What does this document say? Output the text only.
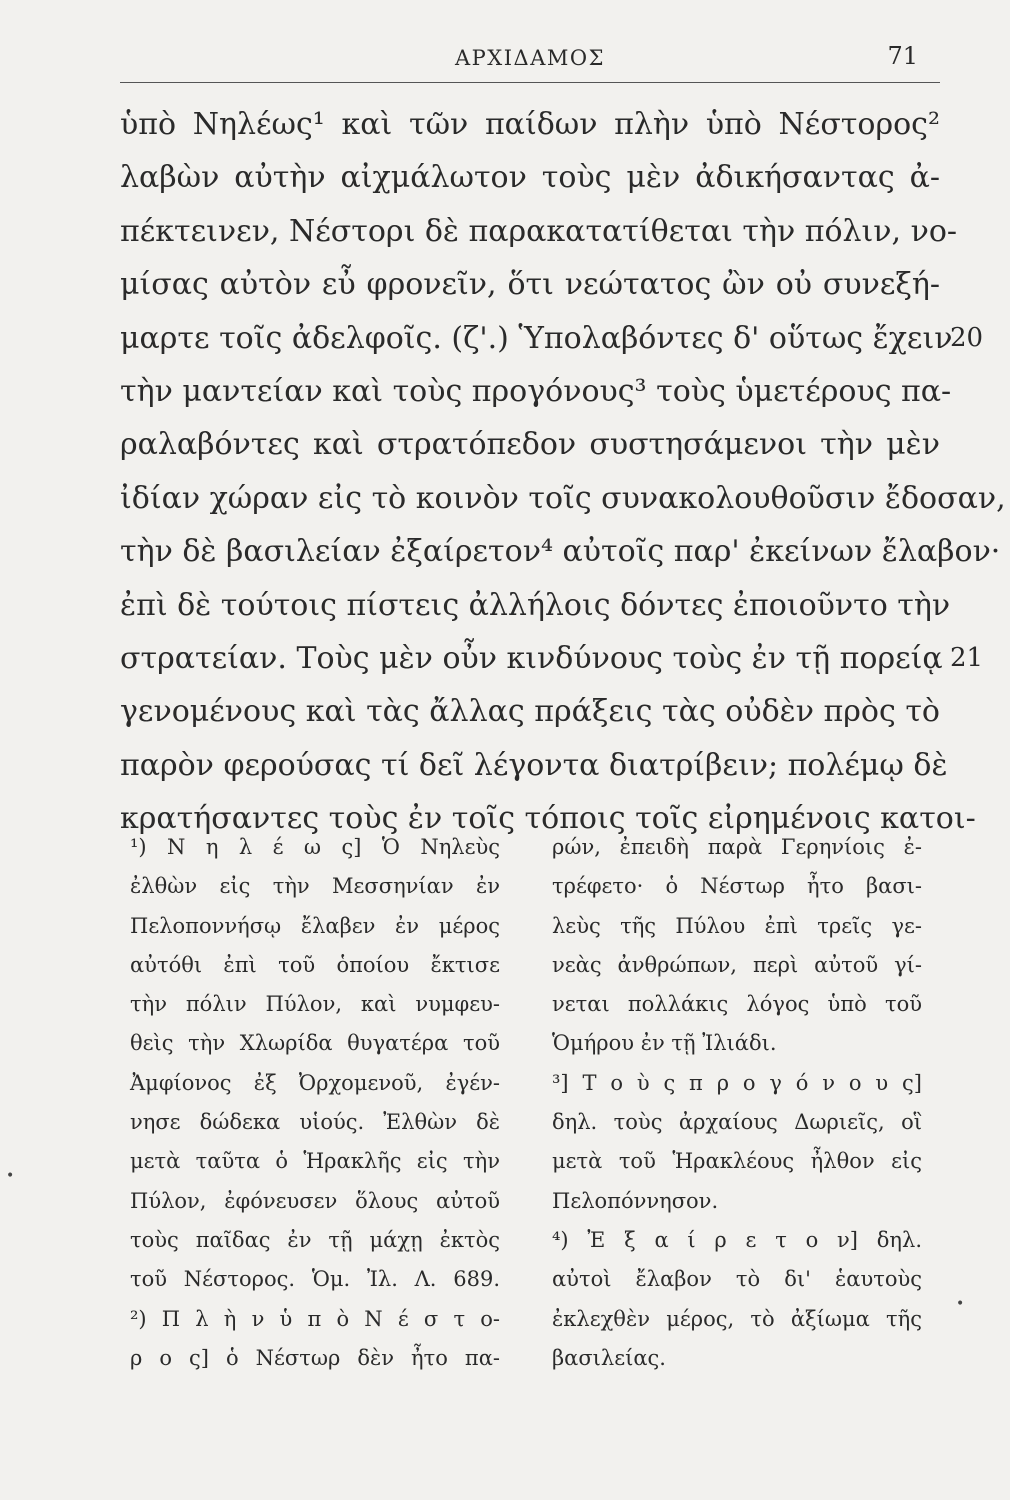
ΑΡΧΙΔΑΜΟΣ	71
ὑπὸ Νηλέως¹ καὶ τῶν παίδων πλὴν ὑπὸ Νέστορος²
λαβὼν αὐτὴν αἰχμάλωτον τοὺς μὲν ἀδικήσαντας ἀ-
πέκτεινεν, Νέστορι δὲ παρακατατίθεται τὴν πόλιν, νο-
μίσας αὐτὸν εὖ φρονεῖν, ὅτι νεώτατος ὢν οὐ συνεξή-
μαρτε τοῖς ἀδελφοῖς. (ζ'.) Ὑπολαβόντες δ' οὕτως ἔχειν
20
τὴν μαντείαν καὶ τοὺς προγόνους³ τοὺς ὑμετέρους πα-
ραλαβόντες καὶ στρατόπεδον συστησάμενοι τὴν μὲν
ἰδίαν χώραν εἰς τὸ κοινὸν τοῖς συνακολουθοῦσιν ἔδοσαν,
τὴν δὲ βασιλείαν ἐξαίρετον⁴ αὐτοῖς παρ' ἐκείνων ἔλαβον·
ἐπὶ δὲ τούτοις πίστεις ἀλλήλοις δόντες ἐποιοῦντο τὴν
στρατείαν. Τοὺς μὲν οὖν κινδύνους τοὺς ἐν τῇ πορείᾳ 21
γενομένους καὶ τὰς ἄλλας πράξεις τὰς οὐδὲν πρὸς τὸ
παρὸν φερούσας τί δεῖ λέγοντα διατρίβειν; πολέμῳ δὲ
κρατήσαντες τοὺς ἐν τοῖς τόποις τοῖς εἰρημένοις κατοι-
¹) Ν η λ έ ω ς] Ὁ Νηλεὺς
ἐλθὼν εἰς τὴν Μεσσηνίαν ἐν
Πελοποννήσῳ ἔλαβεν ἐν μέρος
αὐτόθι ἐπὶ τοῦ ὁποίου ἔκτισε
τὴν πόλιν Πύλον, καὶ νυμφευ-
θεὶς τὴν Χλωρίδα θυγατέρα τοῦ
Ἀμφίονος ἐξ Ὀρχομενοῦ, ἐγέν-
νησε δώδεκα υἱούς. Ἐλθὼν δὲ
μετὰ ταῦτα ὁ Ἡρακλῆς εἰς τὴν
Πύλον, ἐφόνευσεν ὅλους αὐτοῦ
τοὺς παῖδας ἐν τῇ μάχῃ ἐκτὸς
τοῦ Νέστορος. Ὁμ. Ἰλ. Λ. 689.
²) Π λ ὴ ν ὑ π ὸ Ν έ σ τ ο-
ρ ο ς] ὁ Νέστωρ δὲν ἦτο πα-
ρών, ἐπειδὴ παρὰ Γερηνίοις ἐ-
τρέφετο· ὁ Νέστωρ ἦτο βασι-
λεὺς τῆς Πύλου ἐπὶ τρεῖς γε-
νεὰς ἀνθρώπων, περὶ αὐτοῦ γί-
νεται πολλάκις λόγος ὑπὸ τοῦ
Ὁμήρου ἐν τῇ Ἰλιάδι.
³] Τ ο ὺ ς π ρ ο γ ό ν ο υ ς]
δηλ. τοὺς ἀρχαίους Δωριεῖς, οἳ
μετὰ τοῦ Ἡρακλέους ἦλθον εἰς
Πελοπόννησον.
⁴) Ἐ ξ α ί ρ ε τ ο ν] δηλ.
αὐτοὶ ἔλαβον τὸ δι' ἑαυτοὺς
ἐκλεχθὲν μέρος, τὸ ἀξίωμα τῆς
βασιλείας.
•
•
